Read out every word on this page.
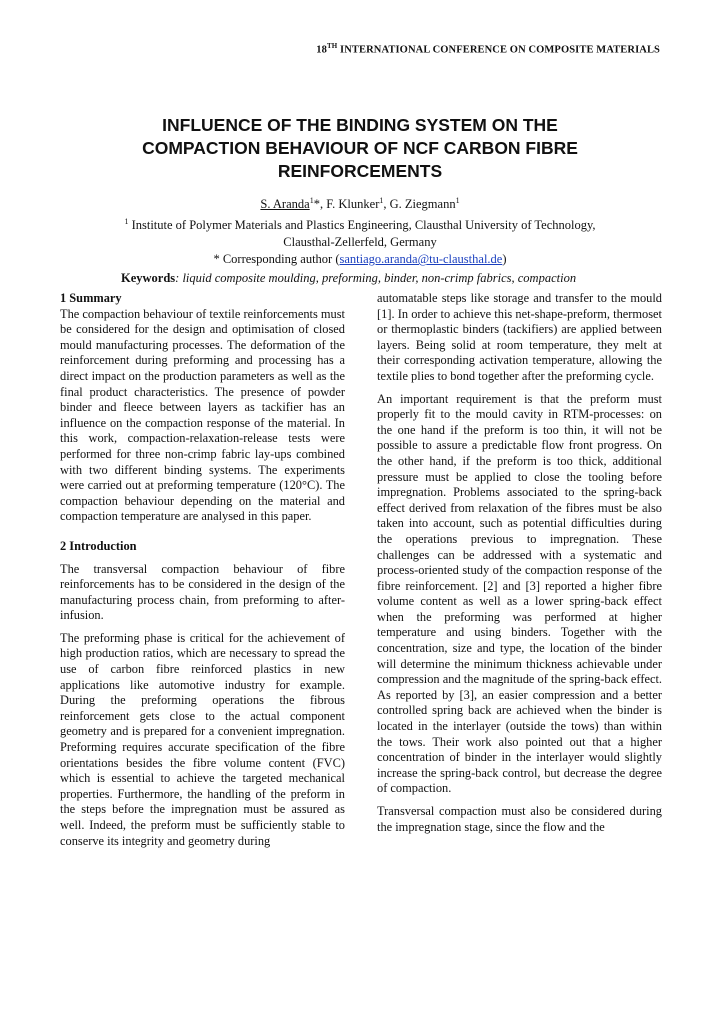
18TH INTERNATIONAL CONFERENCE ON COMPOSITE MATERIALS
INFLUENCE OF THE BINDING SYSTEM ON THE
COMPACTION BEHAVIOUR OF NCF CARBON FIBRE
REINFORCEMENTS
S. Aranda$^1$*, F. Klunker$^1$, G. Ziegmann$^1$
$^1$ Institute of Polymer Materials and Plastics Engineering, Clausthal University of Technology,
Clausthal-Zellerfeld, Germany
* Corresponding author (santiago.aranda@tu-clausthal.de)
Keywords: liquid composite moulding, preforming, binder, non-crimp fabrics, compaction
1 Summary

The compaction behaviour of textile reinforcements must be considered for the design and optimisation of closed mould manufacturing processes. The deformation of the reinforcement during preforming and processing has a direct impact on the production parameters as well as the final product characteristics. The presence of powder binder and fleece between layers as tackifier has an influence on the compaction response of the material. In this work, compaction-relaxation-release tests were performed for three non-crimp fabric lay-ups combined with two different binding systems. The experiments were carried out at preforming temperature (120°C). The compaction behaviour depending on the material and compaction temperature are analysed in this paper.

2 Introduction

The transversal compaction behaviour of fibre reinforcements has to be considered in the design of the manufacturing process chain, from preforming to after-infusion.

The preforming phase is critical for the achievement of high production ratios, which are necessary to spread the use of carbon fibre reinforced plastics in new applications like automotive industry for example. During the preforming operations the fibrous reinforcement gets close to the actual component geometry and is prepared for a convenient impregnation. Preforming requires accurate specification of the fibre orientations besides the fibre volume content (FVC) which is essential to achieve the targeted mechanical properties. Furthermore, the handling of the preform in the steps before the impregnation must be assured as well. Indeed, the preform must be sufficiently stable to conserve its integrity and geometry during

automatable steps like storage and transfer to the mould [1]. In order to achieve this net-shape-preform, thermoset or thermoplastic binders (tackifiers) are applied between layers. Being solid at room temperature, they melt at their corresponding activation temperature, allowing the textile plies to bond together after the preforming cycle.

An important requirement is that the preform must properly fit to the mould cavity in RTM-processes: on the one hand if the preform is too thin, it will not be possible to assure a predictable flow front progress. On the other hand, if the preform is too thick, additional pressure must be applied to close the tooling before impregnation. Problems associated to the spring-back effect derived from relaxation of the fibres must be also taken into account, such as potential difficulties during the operations previous to impregnation. These challenges can be addressed with a systematic and process-oriented study of the compaction response of the fibre reinforcement. [2] and [3] reported a higher fibre volume content as well as a lower spring-back effect when the preforming was performed at higher temperature and using binders. Together with the concentration, size and type, the location of the binder will determine the minimum thickness achievable under compression and the magnitude of the spring-back effect. As reported by [3], an easier compression and a better controlled spring back are achieved when the binder is located in the interlayer (outside the tows) than within the tows. Their work also pointed out that a higher concentration of binder in the interlayer would slightly increase the spring-back control, but decrease the degree of compaction.

Transversal compaction must also be considered during the impregnation stage, since the flow and the
